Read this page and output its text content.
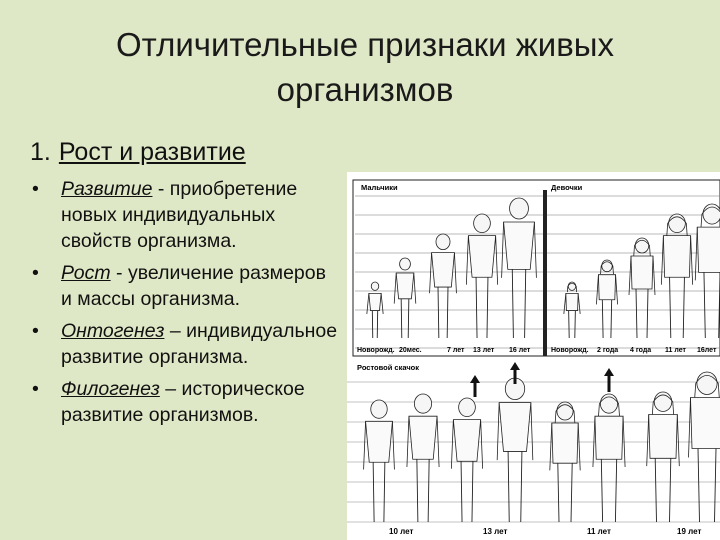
Отличительные признаки живых
организмов
1. Рост и развитие
• Развитие - приобретение новых индивидуальных свойств организма.
• Рост - увеличение размеров и массы организма.
• Онтогенез – индивидуальное развитие организма.
• Филогенез – историческое развитие организмов.
Мальчики	Девочки
Новорожд. 20мес.	7 лет 13 лет 16 лет	Новорожд. 2 года 4 года 11 лет 16лет
Ростовой скачок
10 лет	13 лет	11 лет	19 лет
